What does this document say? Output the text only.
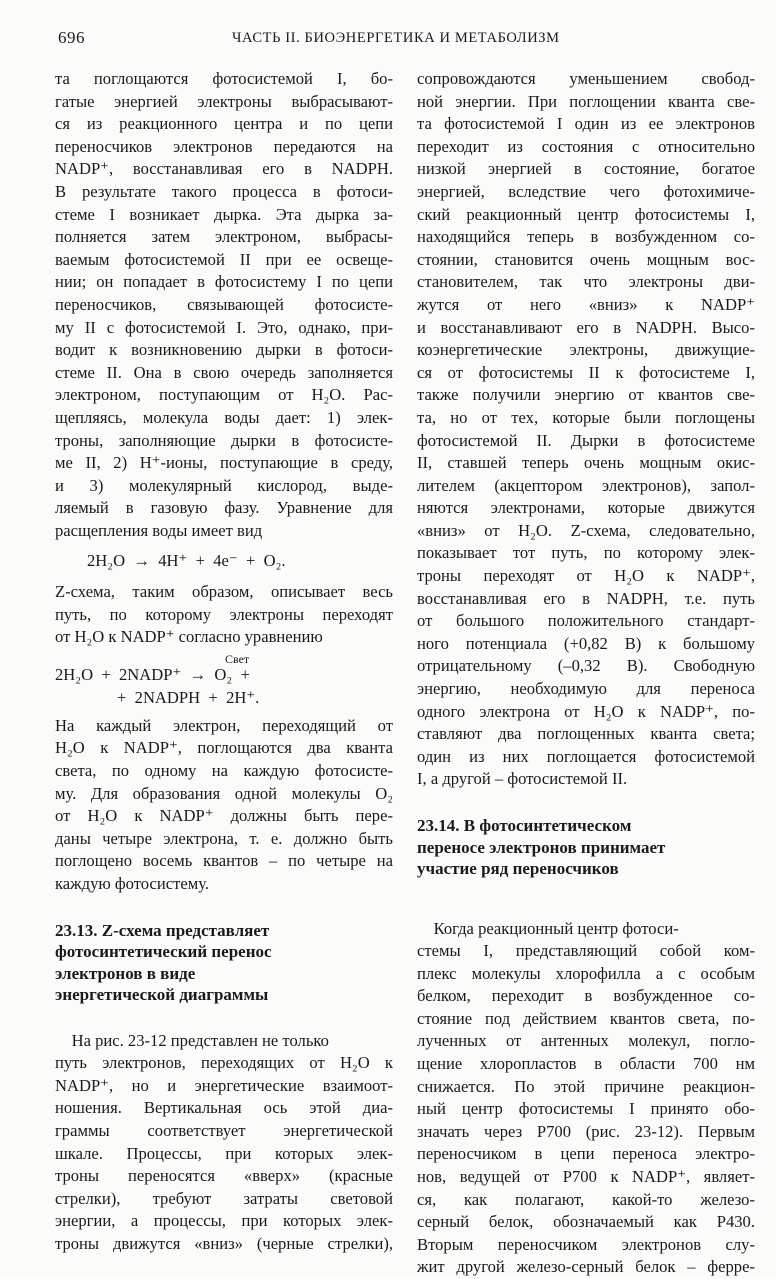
696	ЧАСТЬ II. БИОЭНЕРГЕТИКА И МЕТАБОЛИЗМ
та поглощаются фотосистемой I, бо-
гатые энергией электроны выбрасывают-
ся из реакционного центра и по цепи
переносчиков электронов передаются на
NADP⁺, восстанавливая его в NADPH.
В результате такого процесса в фотоси-
стеме I возникает дырка. Эта дырка за-
полняется затем электроном, выбрасы-
ваемым фотосистемой II при ее освеще-
нии; он попадает в фотосистему I по цепи
переносчиков, связывающей фотосисте-
му II с фотосистемой I. Это, однако, при-
водит к возникновению дырки в фотоси-
стеме II. Она в свою очередь заполняется
электроном, поступающим от H₂O. Рас-
щепляясь, молекула воды дает: 1) элек-
троны, заполняющие дырки в фотосисте-
ме II, 2) H⁺-ионы, поступающие в среду,
и 3) молекулярный кислород, выде-
ляемый в газовую фазу. Уравнение для
расщепления воды имеет вид
2H₂O  →  4H⁺  +  4e⁻  +  O₂.
Z-схема, таким образом, описывает весь
путь, по которому электроны переходят
от H₂O к NADP⁺ согласно уравнению
Свет
2H₂O  +  2NADP⁺  →  O₂  +
+  2NADPH  +  2H⁺.
На каждый электрон, переходящий от
H₂O к NADP⁺, поглощаются два кванта
света, по одному на каждую фотосисте-
му. Для образования одной молекулы O₂
от H₂O к NADP⁺ должны быть пере-
даны четыре электрона, т. е. должно быть
поглощено восемь квантов – по четыре на
каждую фотосистему.
23.13. Z-схема представляет
фотосинтетический перенос
электронов в виде
энергетической диаграммы
На рис. 23-12 представлен не только
путь электронов, переходящих от H₂O к
NADP⁺, но и энергетические взаимоот-
ношения. Вертикальная ось этой диа-
граммы соответствует энергетической
шкале. Процессы, при которых элек-
троны переносятся «вверх» (красные
стрелки), требуют затраты световой
энергии, а процессы, при которых элек-
троны движутся «вниз» (черные стрелки),
сопровождаются уменьшением свобод-
ной энергии. При поглощении кванта све-
та фотосистемой I один из ее электронов
переходит из состояния с относительно
низкой энергией в состояние, богатое
энергией, вследствие чего фотохимиче-
ский реакционный центр фотосистемы I,
находящийся теперь в возбужденном со-
стоянии, становится очень мощным вос-
становителем, так что электроны дви-
жутся от него «вниз» к NADP⁺
и восстанавливают его в NADPH. Высо-
коэнергетические электроны, движущие-
ся от фотосистемы II к фотосистеме I,
также получили энергию от квантов све-
та, но от тех, которые были поглощены
фотосистемой II. Дырки в фотосистеме
II, ставшей теперь очень мощным окис-
лителем (акцептором электронов), запол-
няются электронами, которые движутся
«вниз» от H₂O. Z-схема, следовательно,
показывает тот путь, по которому элек-
троны переходят от H₂O к NADP⁺,
восстанавливая его в NADPH, т.е. путь
от большого положительного стандарт-
ного потенциала (+0,82 В) к большому
отрицательному (–0,32 В). Свободную
энергию, необходимую для переноса
одного электрона от H₂O к NADP⁺, по-
ставляют два поглощенных кванта света;
один из них поглощается фотосистемой
I, а другой – фотосистемой II.
23.14. В фотосинтетическом
переносе электронов принимает
участие ряд переносчиков
Когда реакционный центр фотоси-
стемы I, представляющий собой ком-
плекс молекулы хлорофилла а с особым
белком, переходит в возбужденное со-
стояние под действием квантов света, по-
лученных от антенных молекул, погло-
щение хлоропластов в области 700 нм
снижается. По этой причине реакцион-
ный центр фотосистемы I принято обо-
значать через P700 (рис. 23-12). Первым
переносчиком в цепи переноса электро-
нов, ведущей от P700 к NADP⁺, являет-
ся, как полагают, какой-то железо-
серный белок, обозначаемый как P430.
Вторым переносчиком электронов слу-
жит другой железо-серный белок – ферре-
